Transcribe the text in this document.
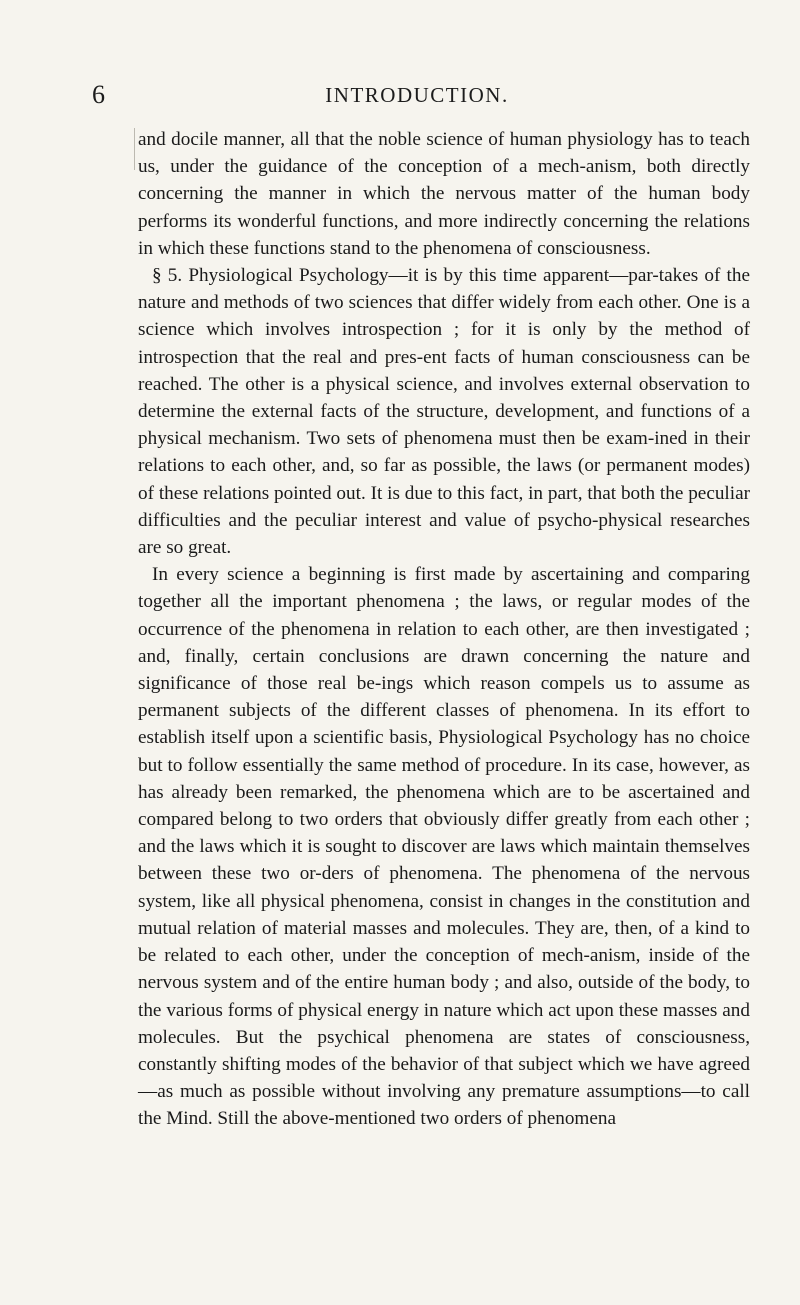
6	INTRODUCTION.

and docile manner, all that the noble science of human physiology has to teach us, under the guidance of the conception of a mech-anism, both directly concerning the manner in which the nervous matter of the human body performs its wonderful functions, and more indirectly concerning the relations in which these functions stand to the phenomena of consciousness.

§ 5. Physiological Psychology—it is by this time apparent—par-takes of the nature and methods of two sciences that differ widely from each other. One is a science which involves introspection ; for it is only by the method of introspection that the real and pres-ent facts of human consciousness can be reached. The other is a physical science, and involves external observation to determine the external facts of the structure, development, and functions of a physical mechanism. Two sets of phenomena must then be exam-ined in their relations to each other, and, so far as possible, the laws (or permanent modes) of these relations pointed out. It is due to this fact, in part, that both the peculiar difficulties and the peculiar interest and value of psycho-physical researches are so great.

In every science a beginning is first made by ascertaining and comparing together all the important phenomena ; the laws, or regular modes of the occurrence of the phenomena in relation to each other, are then investigated ; and, finally, certain conclusions are drawn concerning the nature and significance of those real be-ings which reason compels us to assume as permanent subjects of the different classes of phenomena. In its effort to establish itself upon a scientific basis, Physiological Psychology has no choice but to follow essentially the same method of procedure. In its case, however, as has already been remarked, the phenomena which are to be ascertained and compared belong to two orders that obviously differ greatly from each other ; and the laws which it is sought to discover are laws which maintain themselves between these two or-ders of phenomena. The phenomena of the nervous system, like all physical phenomena, consist in changes in the constitution and mutual relation of material masses and molecules. They are, then, of a kind to be related to each other, under the conception of mech-anism, inside of the nervous system and of the entire human body ; and also, outside of the body, to the various forms of physical energy in nature which act upon these masses and molecules. But the psychical phenomena are states of consciousness, constantly shifting modes of the behavior of that subject which we have agreed—as much as possible without involving any premature assumptions—to call the Mind. Still the above-mentioned two orders of phenomena
